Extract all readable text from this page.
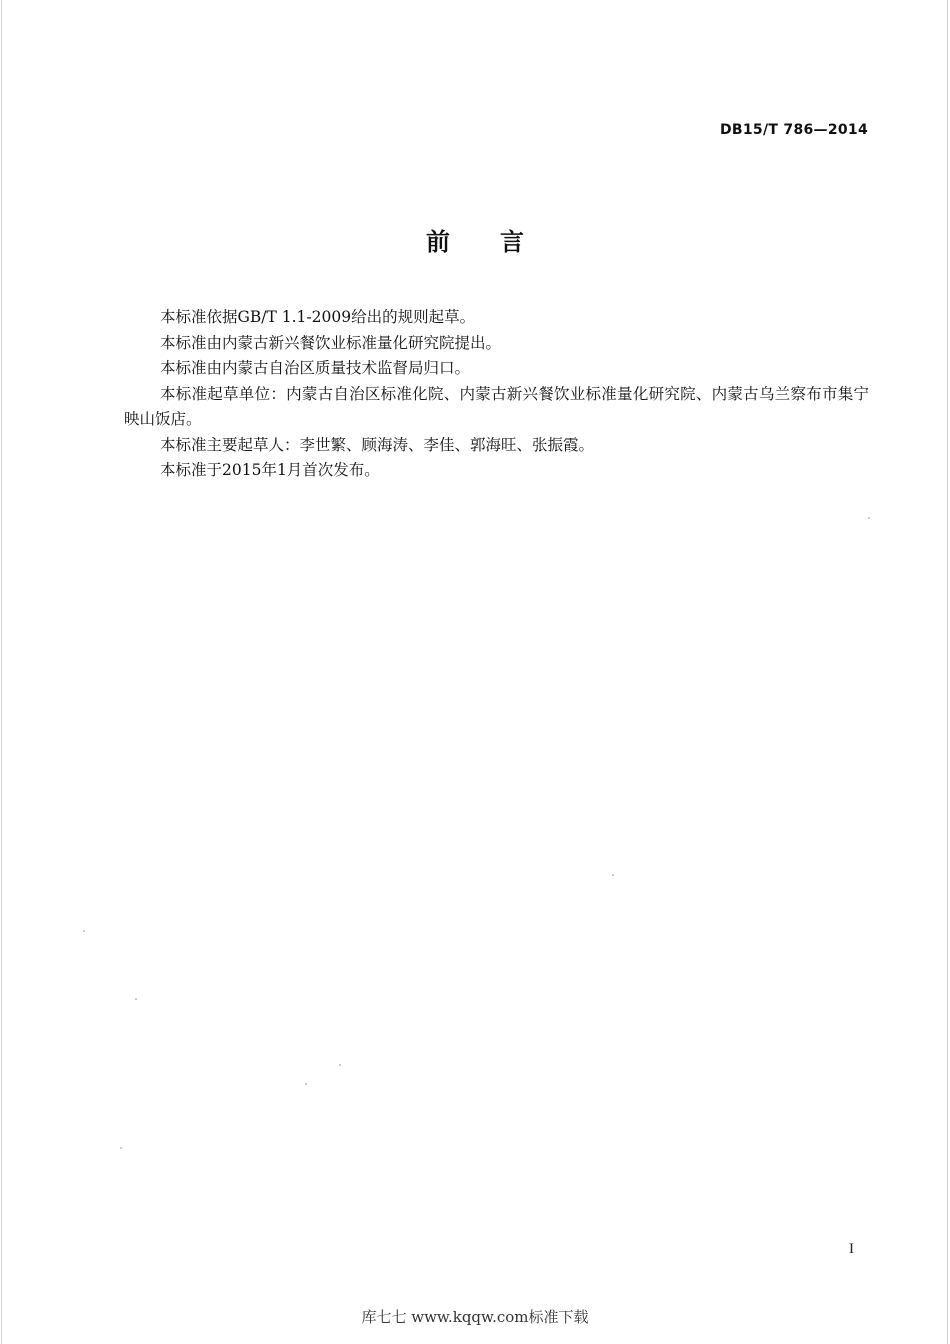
DB15/T 786—2014
前言

本标准依据GB/T 1.1-2009给出的规则起草。

本标准由内蒙古新兴餐饮业标准量化研究院提出。

本标准由内蒙古自治区质量技术监督局归口。

本标准起草单位：内蒙古自治区标准化院、内蒙古新兴餐饮业标准量化研究院、内蒙古乌兰察布市集宁映山饭店。

本标准主要起草人：李世繁、顾海涛、李佳、郭海旺、张振霞。

本标准于2015年1月首次发布。

I
库七七 www.kqqw.com标准下载
